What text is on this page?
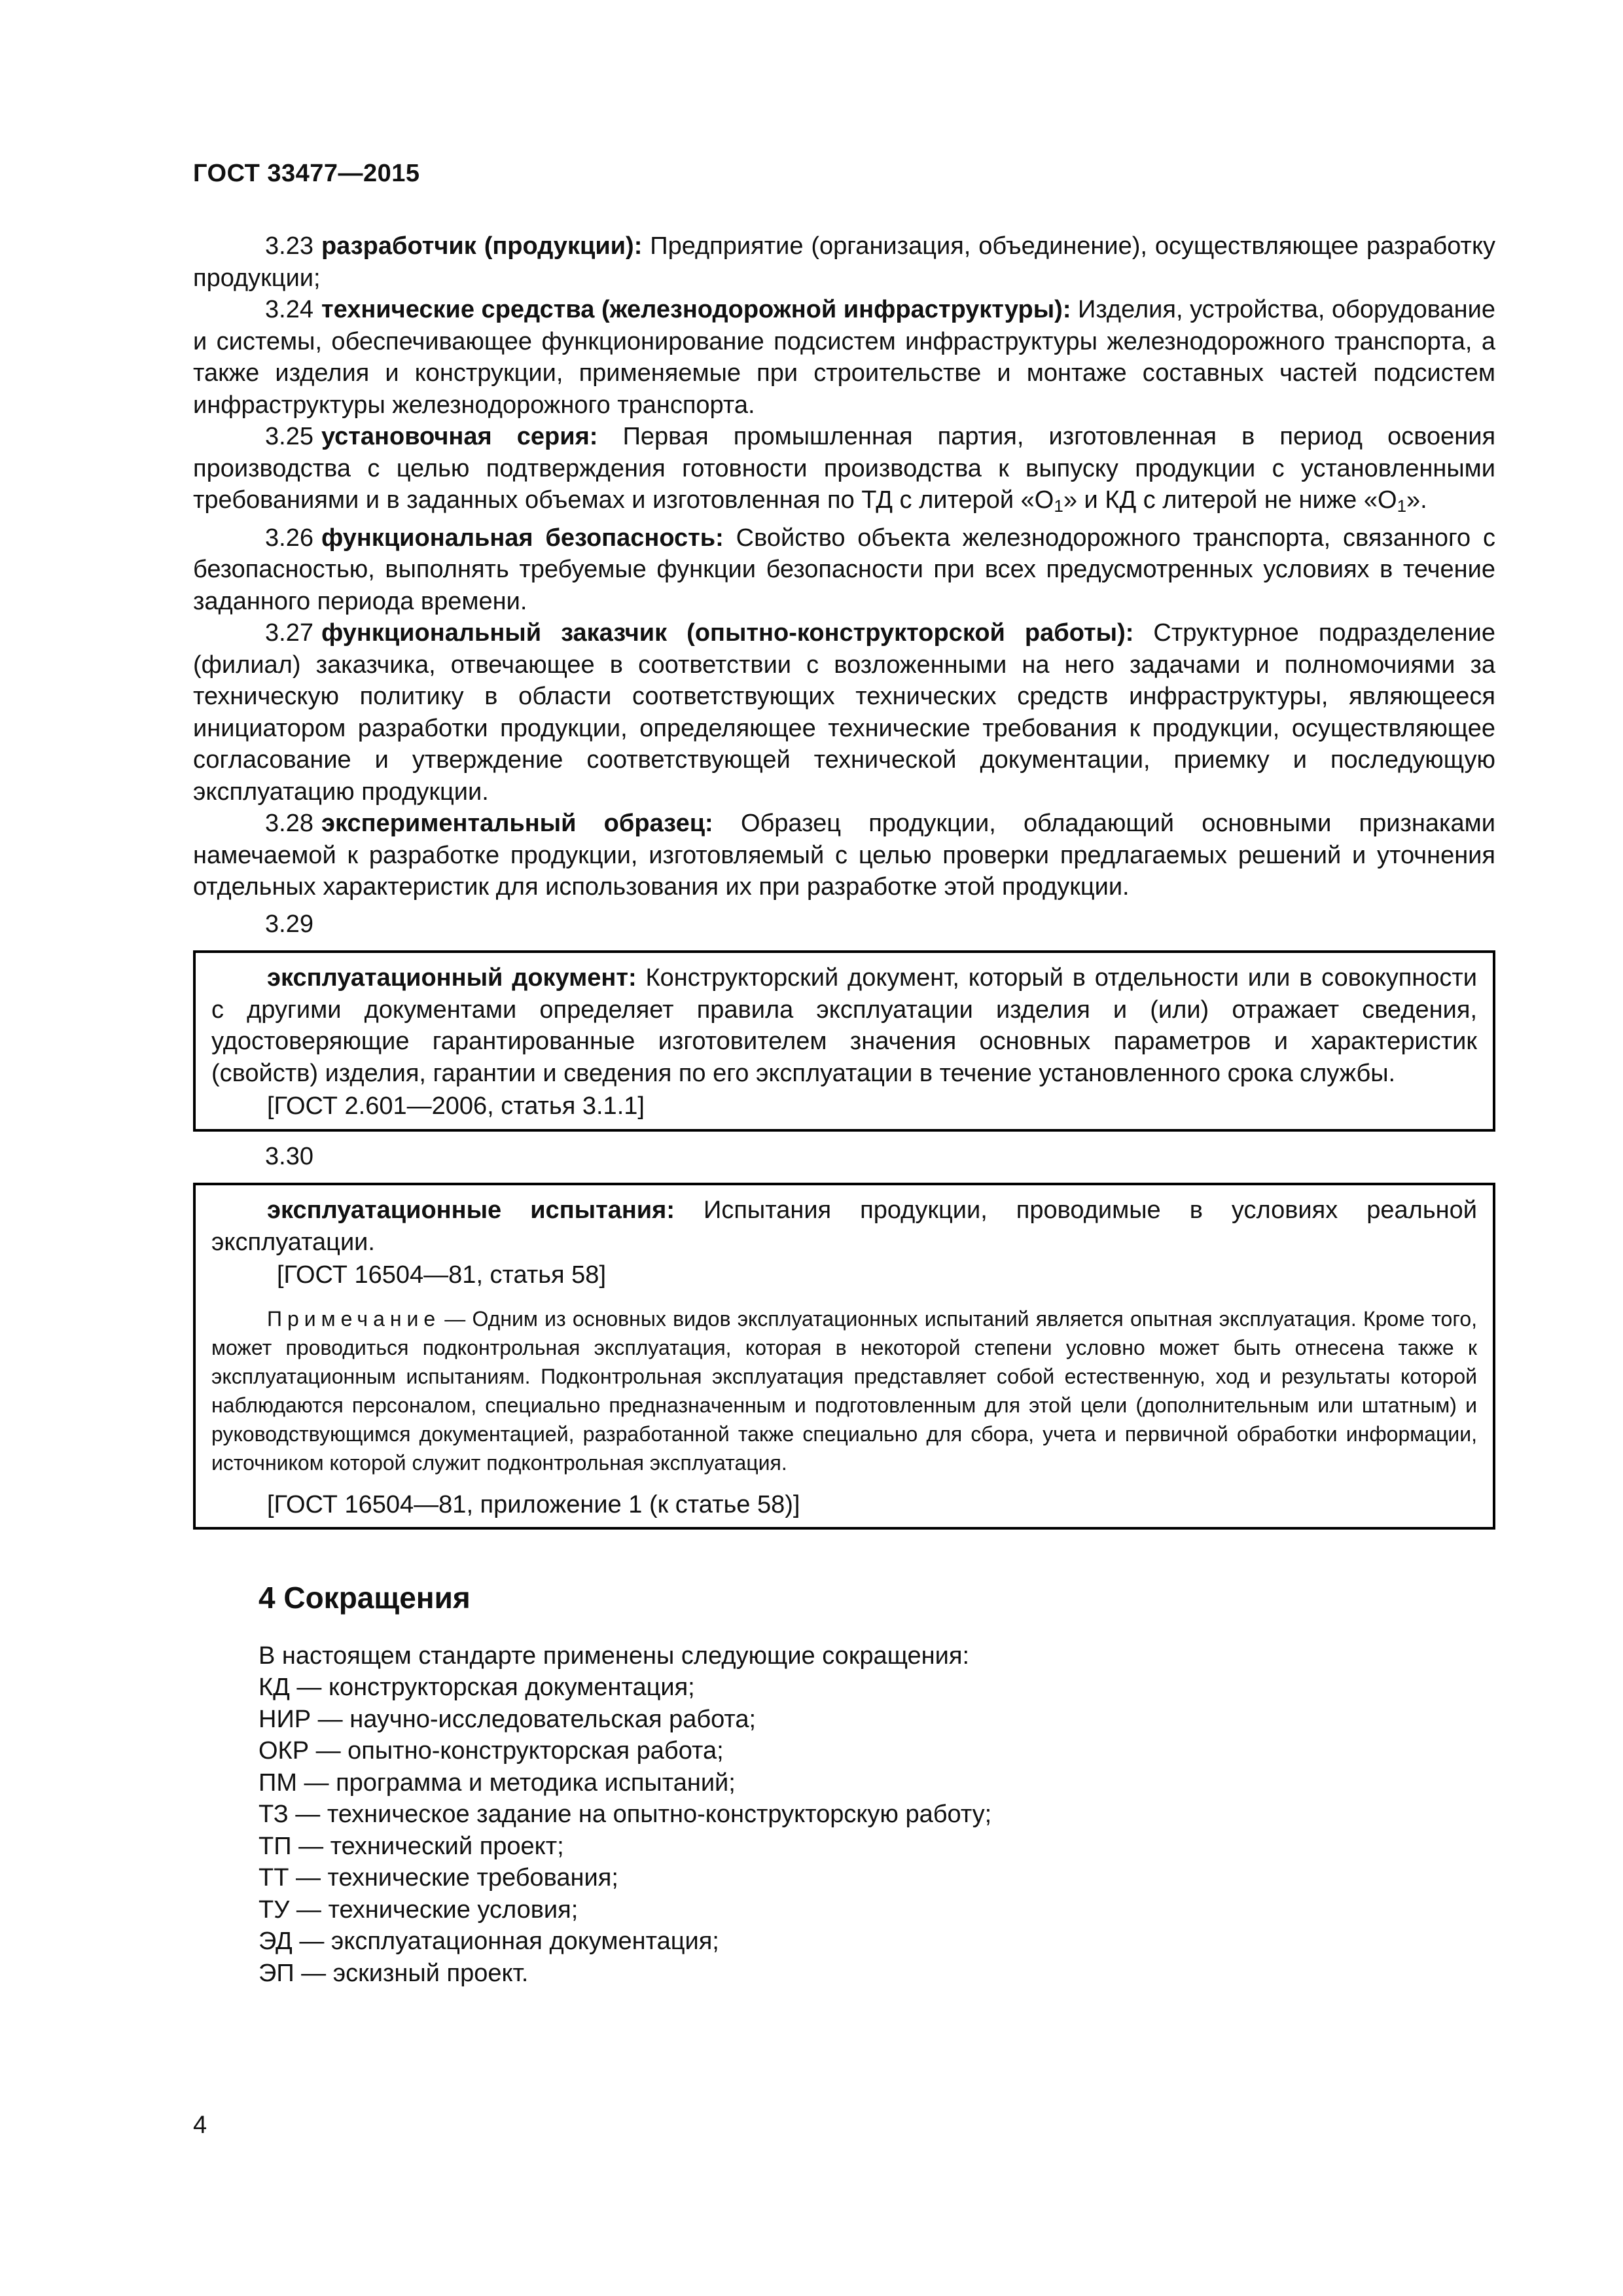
ГОСТ 33477—2015

3.23 разработчик (продукции): Предприятие (организация, объединение), осуществляющее разработку продукции;

3.24 технические средства (железнодорожной инфраструктуры): Изделия, устройства, оборудование и системы, обеспечивающее функционирование подсистем инфраструктуры железнодорожного транспорта, а также изделия и конструкции, применяемые при строительстве и монтаже составных частей подсистем инфраструктуры железнодорожного транспорта.

3.25 установочная серия: Первая промышленная партия, изготовленная в период освоения производства с целью подтверждения готовности производства к выпуску продукции с установленными требованиями и в заданных объемах и изготовленная по ТД с литерой «$О_1$» и КД с литерой не ниже «$О_1$».

3.26 функциональная безопасность: Свойство объекта железнодорожного транспорта, связанного с безопасностью, выполнять требуемые функции безопасности при всех предусмотренных условиях в течение заданного периода времени.

3.27 функциональный заказчик (опытно-конструкторской работы): Структурное подразделение (филиал) заказчика, отвечающее в соответствии с возложенными на него задачами и полномочиями за техническую политику в области соответствующих технических средств инфраструктуры, являющееся инициатором разработки продукции, определяющее технические требования к продукции, осуществляющее согласование и утверждение соответствующей технической документации, приемку и последующую эксплуатацию продукции.

3.28 экспериментальный образец: Образец продукции, обладающий основными признаками намечаемой к разработке продукции, изготовляемый с целью проверки предлагаемых решений и уточнения отдельных характеристик для использования их при разработке этой продукции.

3.29

эксплуатационный документ: Конструкторский документ, который в отдельности или в совокупности с другими документами определяет правила эксплуатации изделия и (или) отражает сведения, удостоверяющие гарантированные изготовителем значения основных параметров и характеристик (свойств) изделия, гарантии и сведения по его эксплуатации в течение установленного срока службы.

[ГОСТ 2.601—2006, статья 3.1.1]
3.30

эксплуатационные испытания: Испытания продукции, проводимые в условиях реальной эксплуатации.

[ГОСТ 16504—81, статья 58]

Примечание — Одним из основных видов эксплуатационных испытаний является опытная эксплуатация. Кроме того, может проводиться подконтрольная эксплуатация, которая в некоторой степени условно может быть отнесена также к эксплуатационным испытаниям. Подконтрольная эксплуатация представляет собой естественную, ход и результаты которой наблюдаются персоналом, специально предназначенным и подготовленным для этой цели (дополнительным или штатным) и руководствующимся документацией, разработанной также специально для сбора, учета и первичной обработки информации, источником которой служит подконтрольная эксплуатация.

[ГОСТ 16504—81, приложение 1 (к статье 58)]
4 Сокращения
В настоящем стандарте применены следующие сокращения:
КД — конструкторская документация;
НИР — научно-исследовательская работа;
ОКР — опытно-конструкторская работа;
ПМ — программа и методика испытаний;
ТЗ — техническое задание на опытно-конструкторскую работу;
ТП — технический проект;
ТТ — технические требования;
ТУ — технические условия;
ЭД — эксплуатационная документация;
ЭП — эскизный проект.
4
